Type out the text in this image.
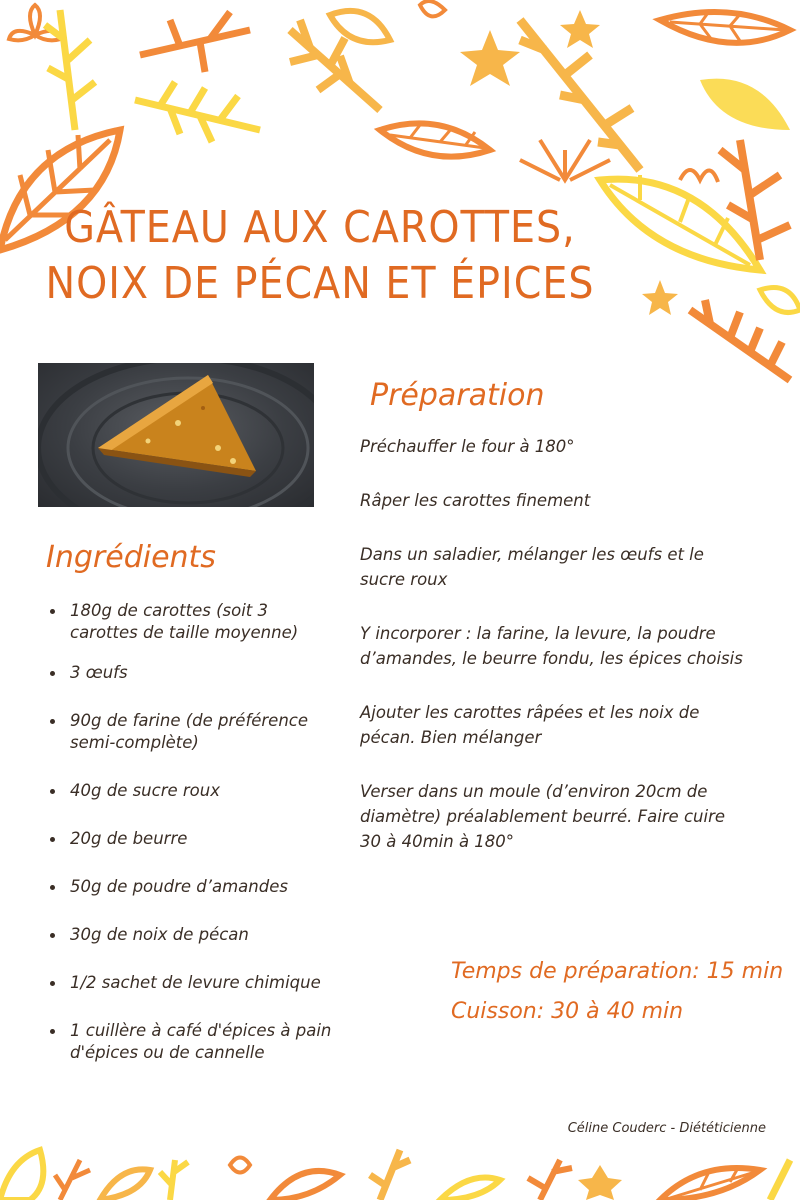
GÂTEAU AUX CAROTTES,
NOIX DE PÉCAN ET ÉPICES
Préparation

Préchauffer le four à 180°

Râper les carottes finement

Dans un saladier, mélanger les œufs et le sucre roux

Y incorporer : la farine, la levure, la poudre d’amandes, le beurre fondu, les épices choisis

Ajouter les carottes râpées et les noix de pécan. Bien mélanger

Verser dans un moule (d’environ 20cm de diamètre) préalablement beurré. Faire cuire 30 à 40min à 180°

Ingrédients
180g de carottes (soit 3 carottes de taille moyenne)
3 œufs
90g de farine (de préférence semi-complète)
40g de sucre roux
20g de beurre
50g de poudre d’amandes
30g de noix de pécan
1/2 sachet de levure chimique
1 cuillère à café d'épices à pain d'épices ou de cannelle
Temps de préparation: 15 min
Cuisson: 30 à 40 min
Céline Couderc - Diététicienne
